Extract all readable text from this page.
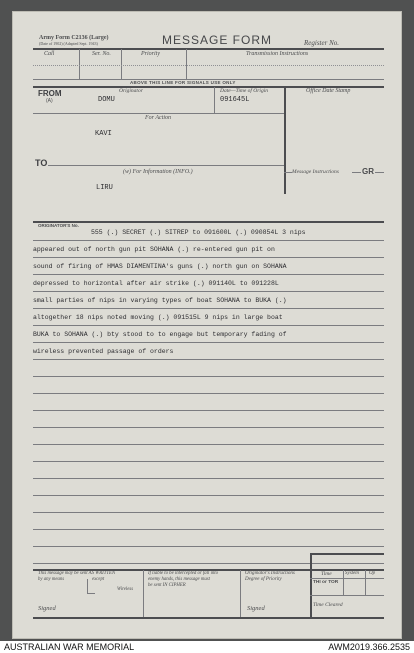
Army Form C2136 (Large)
(Date of 1902) (Adapted Sept. 1943)	MESSAGE FORM	Register No.
Call	Ser. No.	Priority	Transmission Instructions
ABOVE THIS LINE FOR SIGNALS USE ONLY
Office Date Stamp
FROM
(A)
Originator
DOMU
Date—Time of Origin
091645L
For Action
KAVI
TO
(w) For Information (INFO.)
LIRU
Message Instructions	GR
ORIGINATOR'S No.
555 (.) SECRET (.) SITREP to 091600L (.) 090854L 3 nips
appeared out of north gun pit SOHANA (.) re-entered gun pit on
sound of firing of HMAS DIAMENTINA's guns (.) north gun on SOHANA
depressed to horizontal after air strike (.) 091140L to 091228L
small parties of nips in varying types of boat SOHANA to BUKA (.)
altogether 18 nips noted moving (.) 091515L 9 nips in large boat
BUKA to SOHANA (.) bty stood to to engage but temporary fading of
wireless prevented passage of orders
This message may be sent AS WRITTEN
by any means	except
Wireless
If liable to be intercepted or fall into
enemy hands, this message must
be sent IN CIPHER
Originator's Instructions
Degree of Priority
Time	System Op
THI or TOR
Signed	Signed	Time Cleared
AUSTRALIAN WAR MEMORIAL	AWM2019.366.2535
